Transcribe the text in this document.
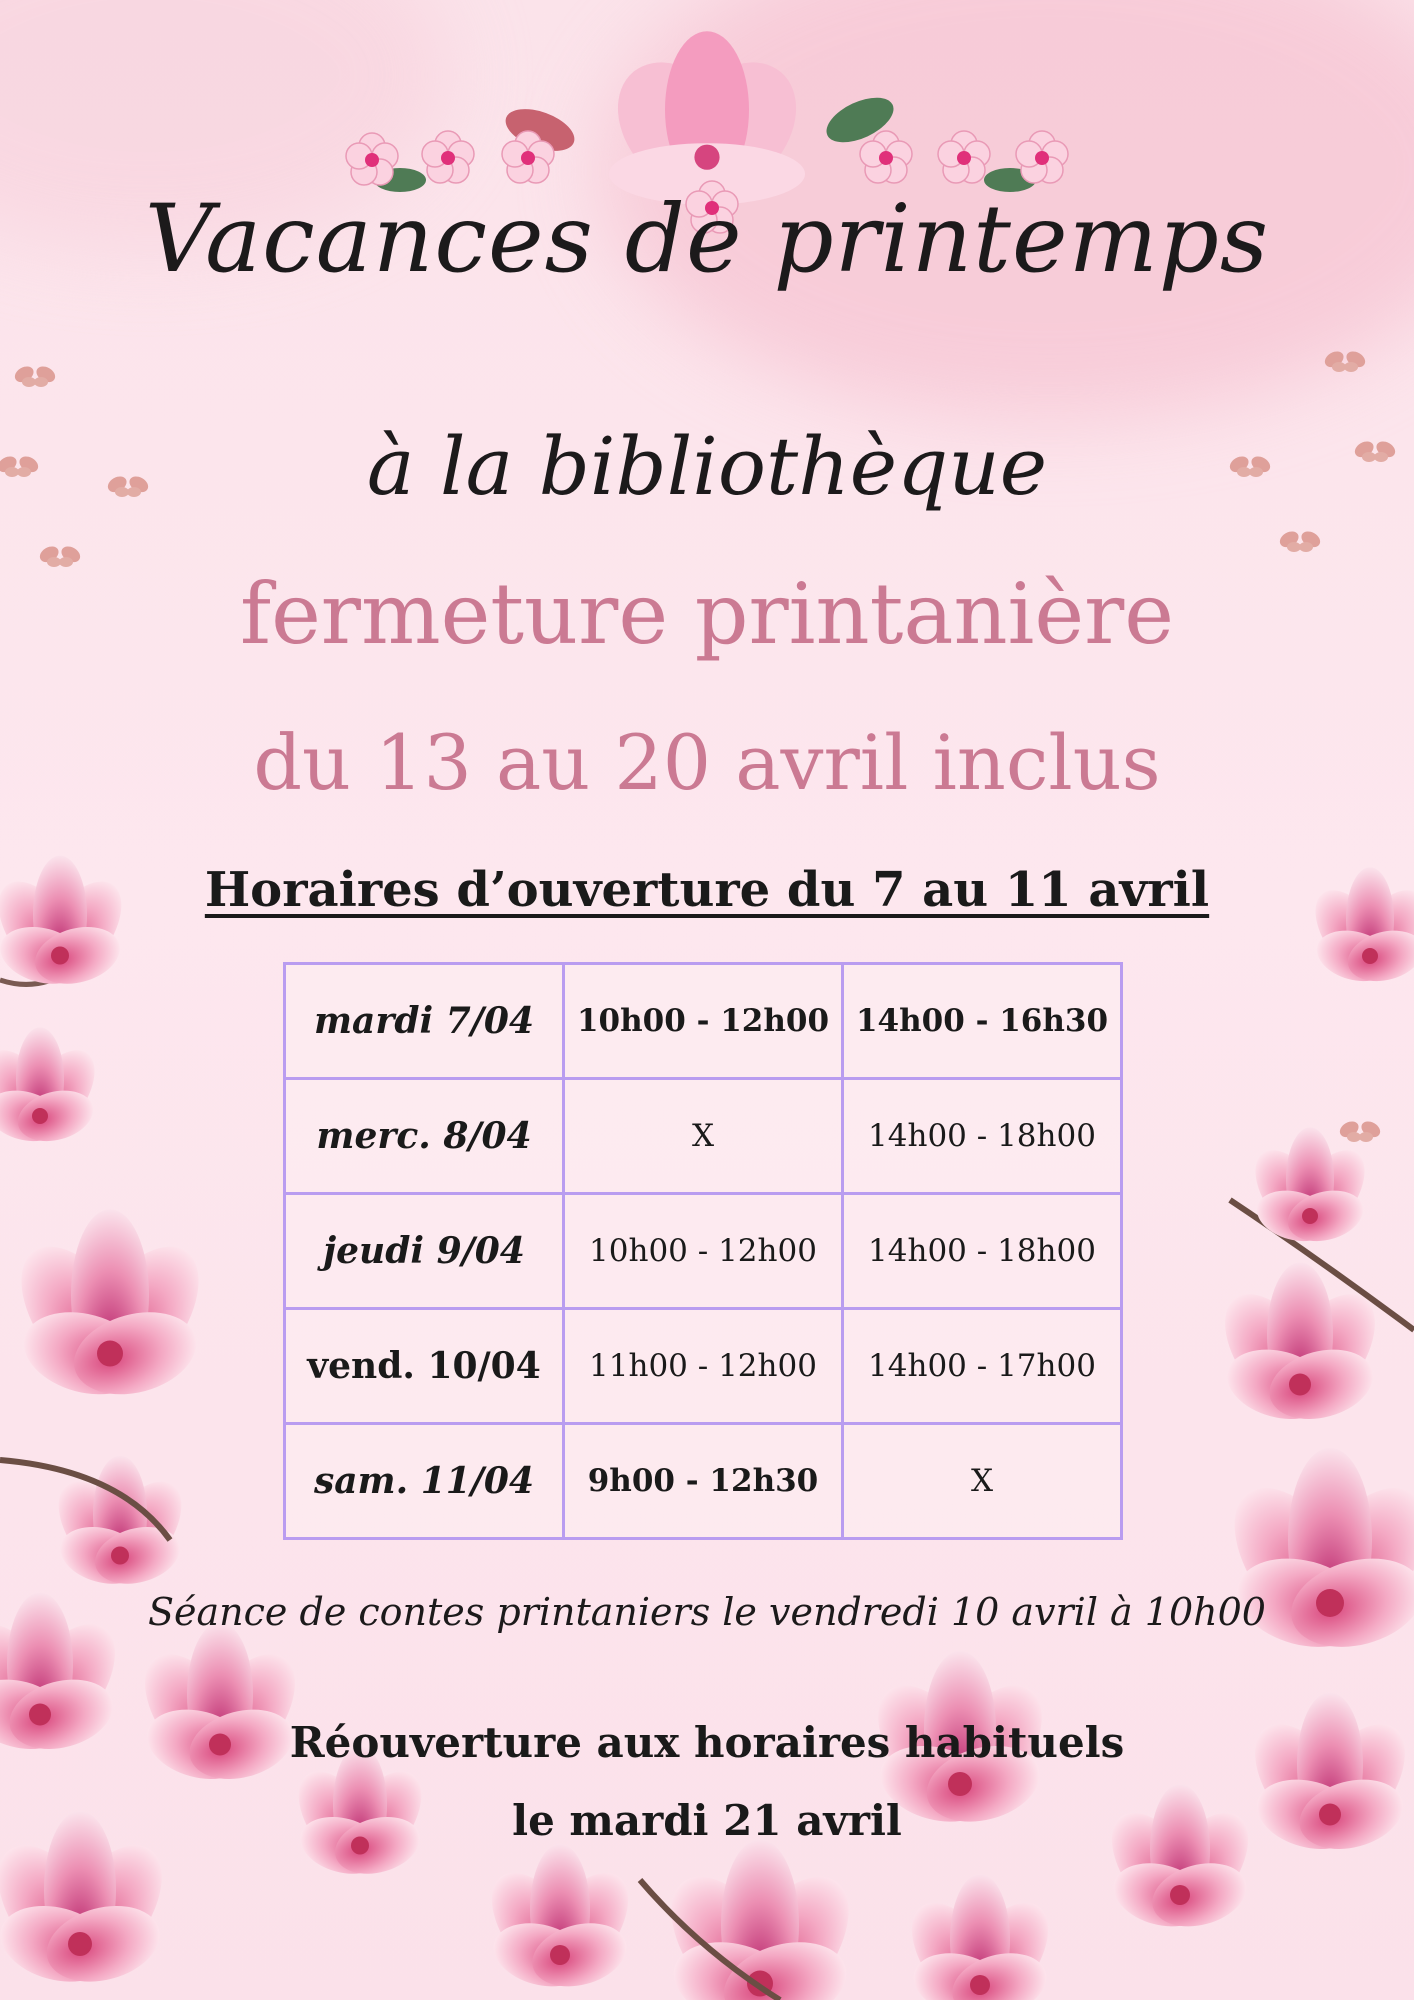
Vacances de printemps
à la bibliothèque
fermeture printanière
du 13 au 20 avril inclus
Horaires d’ouverture du 7 au 11 avril
mardi 7/04	10h00 - 12h00	14h00 - 16h30
merc. 8/04	X	14h00 - 18h00
jeudi 9/04	10h00 - 12h00	14h00 - 18h00
vend. 10/04	11h00 - 12h00	14h00 - 17h00
sam. 11/04	9h00 - 12h30	X
Séance de contes printaniers le vendredi 10 avril à 10h00
Réouverture aux horaires habituels
le mardi 21 avril
